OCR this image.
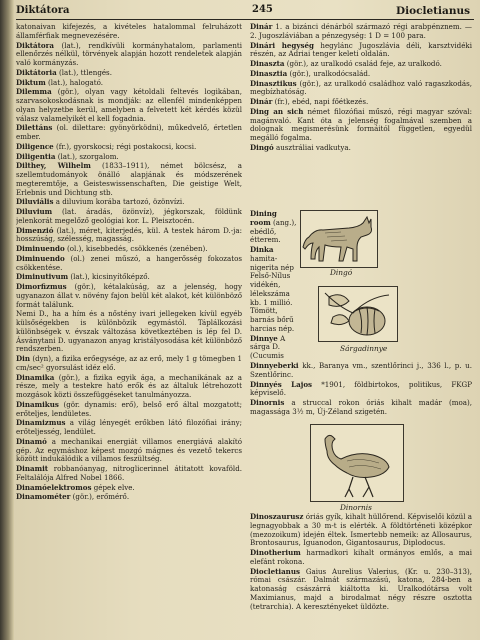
Diktátora	245	Diocletianus

katonaivan kifejezés, a kivételes hatalommal felruházott államférfiak megnevezésére.

Diktátora (lat.), rendkívüli kormányhatalom, parlamenti ellenőrzés nélkül, törvények alapján hozott rendeletek alapján való kormányzás.

Diktátoria (lat.), ttlengés.

Diktum (lat.), halogató.

Dilemma (gör.), olyan vagy kétoldali feltevés logikában, szarvasokoskodásnak is mondják: az ellenfél mindenképpen olyan helyzetbe kerül, amelyben a felvetett két kérdés közül válasz valamelyikét el kell fogadnia.

Dilettáns (ol. dilettare: gyönyörködni), műkedvelő, értetlen ember.

Diligence (fr.), gyorskocsi; régi postakocsi, kocsi.

Diligentia (lat.), szorgalom.

Dilthey, Wilhelm (1833–1911), német bölcsész, a szellemtudományok önálló alapjának és módszerének megteremtője, a Geisteswissenschaften, Die geistige Welt, Erlebnis und Dichtung stb.

Diluviális a diluvium korába tartozó, özönvízi.

Diluvium (lat. áradás, özönvíz), jégkorszak, földünk jelenkorát megelőző geológiai kor. L. Pleisztocén.

Dimenzió (lat.), méret, kiterjedés, kül. A testek három D.-ja: hosszúság, szélesség, magasság.

Diminuendo (ol.), kisebbedés, csökkenés (zenében).

Diminuendo (ol.) zenei műszó, a hangerősség fokozatos csökkentése.

Diminutivum (lat.), kicsinyítőképző.

Dimorfizmus (gör.), kétalakúság, az a jelenség, hogy ugyanazon állat v. növény fajon belül két alakot, két különböző formát találunk.

Nemi D., ha a hím és a nőstény ivari jellegeken kívül egyéb külsőségekben is különbözik egymástól. Táplálkozási különbségek v. évszak változása következtében is lép fel D. Ásványtani D. ugyanazon anyag kristályosodása két különböző rendszerben.

Din (dyn), a fizika erőegysége, az az erő, mely 1 g tömegben 1 cm/sec² gyorsulást idéz elő.

Dinamika (gör.), a fizika egyik ága, a mechanikának az a része, mely a testekre ható erők és az általuk létrehozott mozgások közti összefüggéseket tanulmányozza.

Dinamikus (gör. dynamis: erő), belső erő által mozgatott; erőteljes, lendületes.

Dinamizmus a világ lényegét erőkben látó filozófiai irány; erőteljesség, lendület.

Dinamó a mechanikai energiát villamos energiává alakító gép. Az egymáshoz képest mozgó mágnes és vezető tekercs között indukálódik a villamos feszültség.

Dinamit robbanóanyag, nitroglicerinnel átitatott kovaföld. Feltalálója Alfred Nobel 1866.

Dinamóelektromos gépek elve.

Dinamométer (gör.), erőmérő.

Dinár 1. a bizánci dénárból származó régi arabpénznem. — 2. Jugoszláviában a pénzegység: 1 D = 100 para.

Dinári hegység hegylánc Jugoszlávia déli, karsztvidéki részén, az Adriai tenger keleti oldalán.

Dinaszta (gör.), az uralkodó család feje, az uralkodó.

Dinasztia (gör.), uralkodócsalád.

Dinasztikus (gör.), az uralkodó családhoz való ragaszkodás, megbízhatóság.

Dinár (fr.), ebéd, napi főétkezés.

Ding an sich német filozófiai műszó, régi magyar szóval: magánvaló. Kant óta a jelenség fogalmával szemben a dolognak megismerésünk formáitól független, egyedül megálló fogalma.

Dingó ausztráliai vadkutya.

Dingó
Sárgadinnye

Dining room (ang.), ebédlő, étterem.

Dinka hamita-nigerita nép Felső-Nílus vidékén, lélekszáma kb. 1 millió. Tömött, barnás bőrű harcias nép.

Dinnye A sárga D. (Cucumis

Dinnyeberki kk., Baranya vm., szentlőrinci j., 336 l., p. u. Szentlőrinc.

Dinnyés Lajos *1901, földbirtokos, politikus, FKGP képviselő.

Dinornis a struccal rokon óriás kihalt madár (moa), magassága 3½ m, Új-Zéland szigetén.

Dinornis

Dinoszaurusz óriás gyík, kihalt hüllőrend. Képviselői közül a legnagyobbak a 30 m-t is elérték. A földtörténeti középkor (mezozoikum) idején éltek. Ismertebb nemeik: az Allosaurus, Brontosaurus, Iguanodon, Gigantosaurus, Diplodocus.

Dinotherium harmadkori kihalt ormányos emlős, a mai elefánt rokona.

Diocletianus Gaius Aurelius Valerius, (Kr. u. 230–313), római császár. Dalmát származású, katona, 284-ben a katonaság császárrá kiáltotta ki. Uralkodótársa volt Maximianus, majd a birodalmat négy részre osztotta (tetrarchia). A keresztényeket üldözte.
